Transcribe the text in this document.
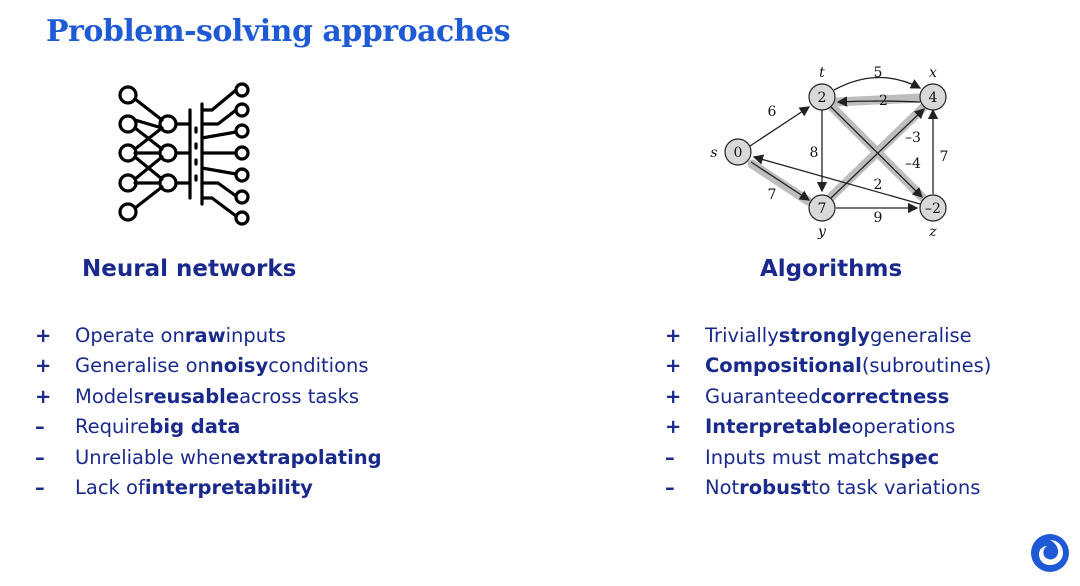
Problem-solving approaches
0
2	4
7	–2
s
t	x
y	z
5
–2
6
8
–4
–3
7
2
9
7
Neural networks	Algorithms
+	Operate on raw inputs
+	Generalise on noisy conditions
+	Models reusable across tasks
–	Require big data
–	Unreliable when extrapolating
–	Lack of interpretability
+	Trivially strongly generalise
+	Compositional (subroutines)
+	Guaranteed correctness
+	Interpretable operations
–	Inputs must match spec
–	Not robust to task variations
